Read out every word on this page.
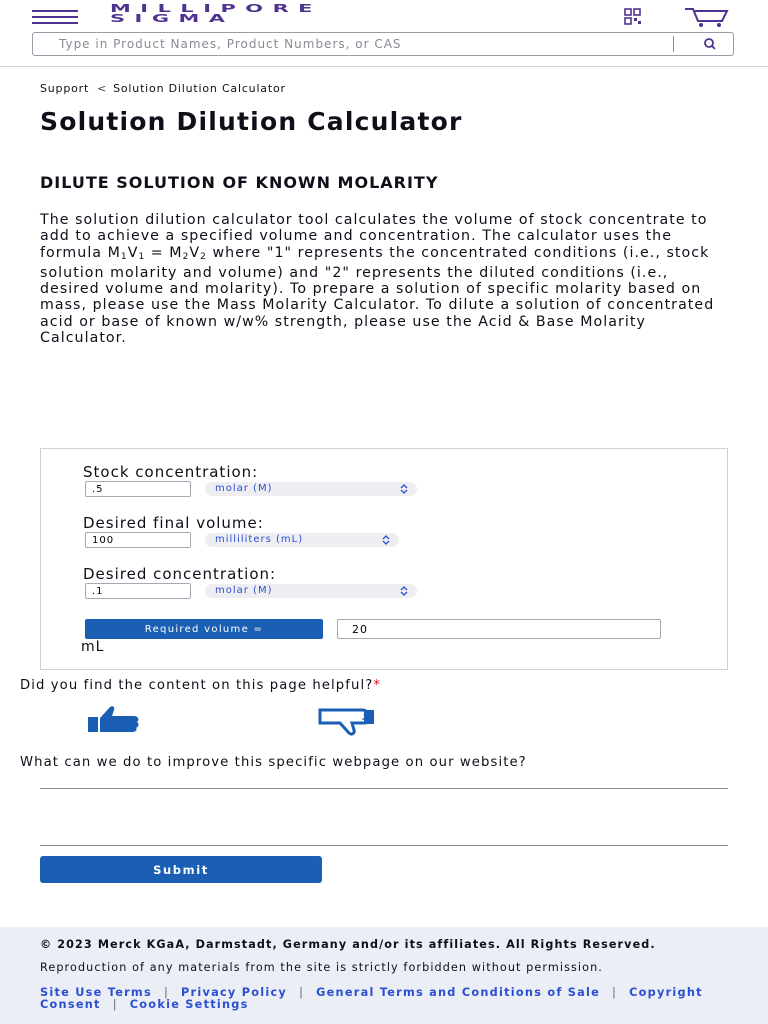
MILLIPORE
SIGMA
Type in Product Names, Product Numbers, or CAS
Support < Solution Dilution Calculator
Solution Dilution Calculator
DILUTE SOLUTION OF KNOWN MOLARITY

The solution dilution calculator tool calculates the volume of stock concentrate to add to achieve a specified volume and concentration. The calculator uses the formula $M_1V_1 = M_2V_2$ where "1" represents the concentrated conditions (i.e., stock solution molarity and volume) and "2" represents the diluted conditions (i.e., desired volume and molarity). To prepare a solution of specific molarity based on mass, please use the Mass Molarity Calculator. To dilute a solution of concentrated acid or base of known w/w% strength, please use the Acid & Base Molarity Calculator.

Stock concentration:
.5
molar (M)
Desired final volume:
100
milliliters (mL)
Desired concentration:
.1
molar (M)
Required volume =
20
mL
Did you find the content on this page helpful?*
What can we do to improve this specific webpage on our website?
Submit
© 2023 Merck KGaA, Darmstadt, Germany and/or its affiliates. All Rights Reserved.
Reproduction of any materials from the site is strictly forbidden without permission.
Site Use Terms | Privacy Policy | General Terms and Conditions of Sale | Copyright Consent | Cookie Settings
